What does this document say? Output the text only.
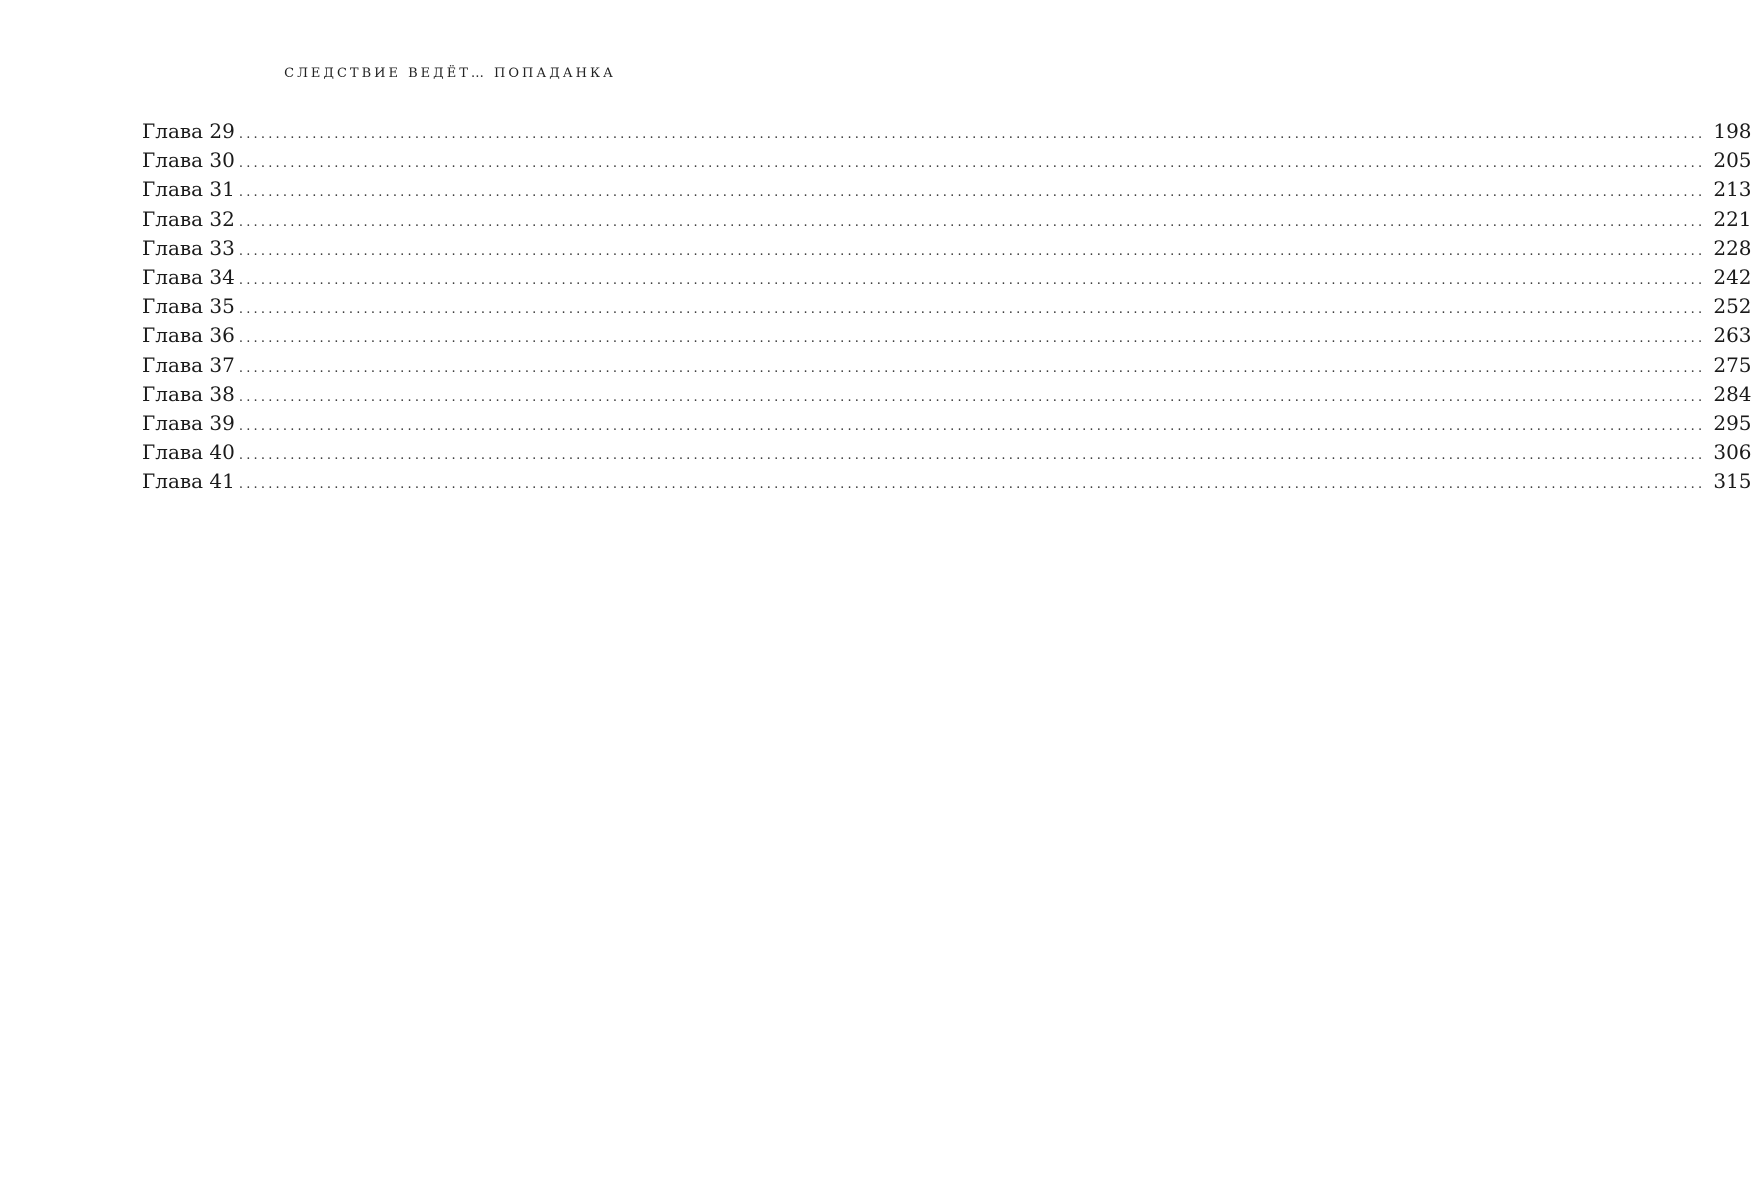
СЛЕДСТВИЕ ВЕДЁТ… ПОПАДАНКА
Глава 29 ........................................................................................................................................................................................................ 198
Глава 30 ........................................................................................................................................................................................................ 205
Глава 31 ........................................................................................................................................................................................................ 213
Глава 32 ........................................................................................................................................................................................................ 221
Глава 33 ........................................................................................................................................................................................................ 228
Глава 34 ........................................................................................................................................................................................................ 242
Глава 35 ........................................................................................................................................................................................................ 252
Глава 36 ........................................................................................................................................................................................................ 263
Глава 37 ........................................................................................................................................................................................................ 275
Глава 38 ........................................................................................................................................................................................................ 284
Глава 39 ........................................................................................................................................................................................................ 295
Глава 40 ........................................................................................................................................................................................................ 306
Глава 41 ........................................................................................................................................................................................................ 315
